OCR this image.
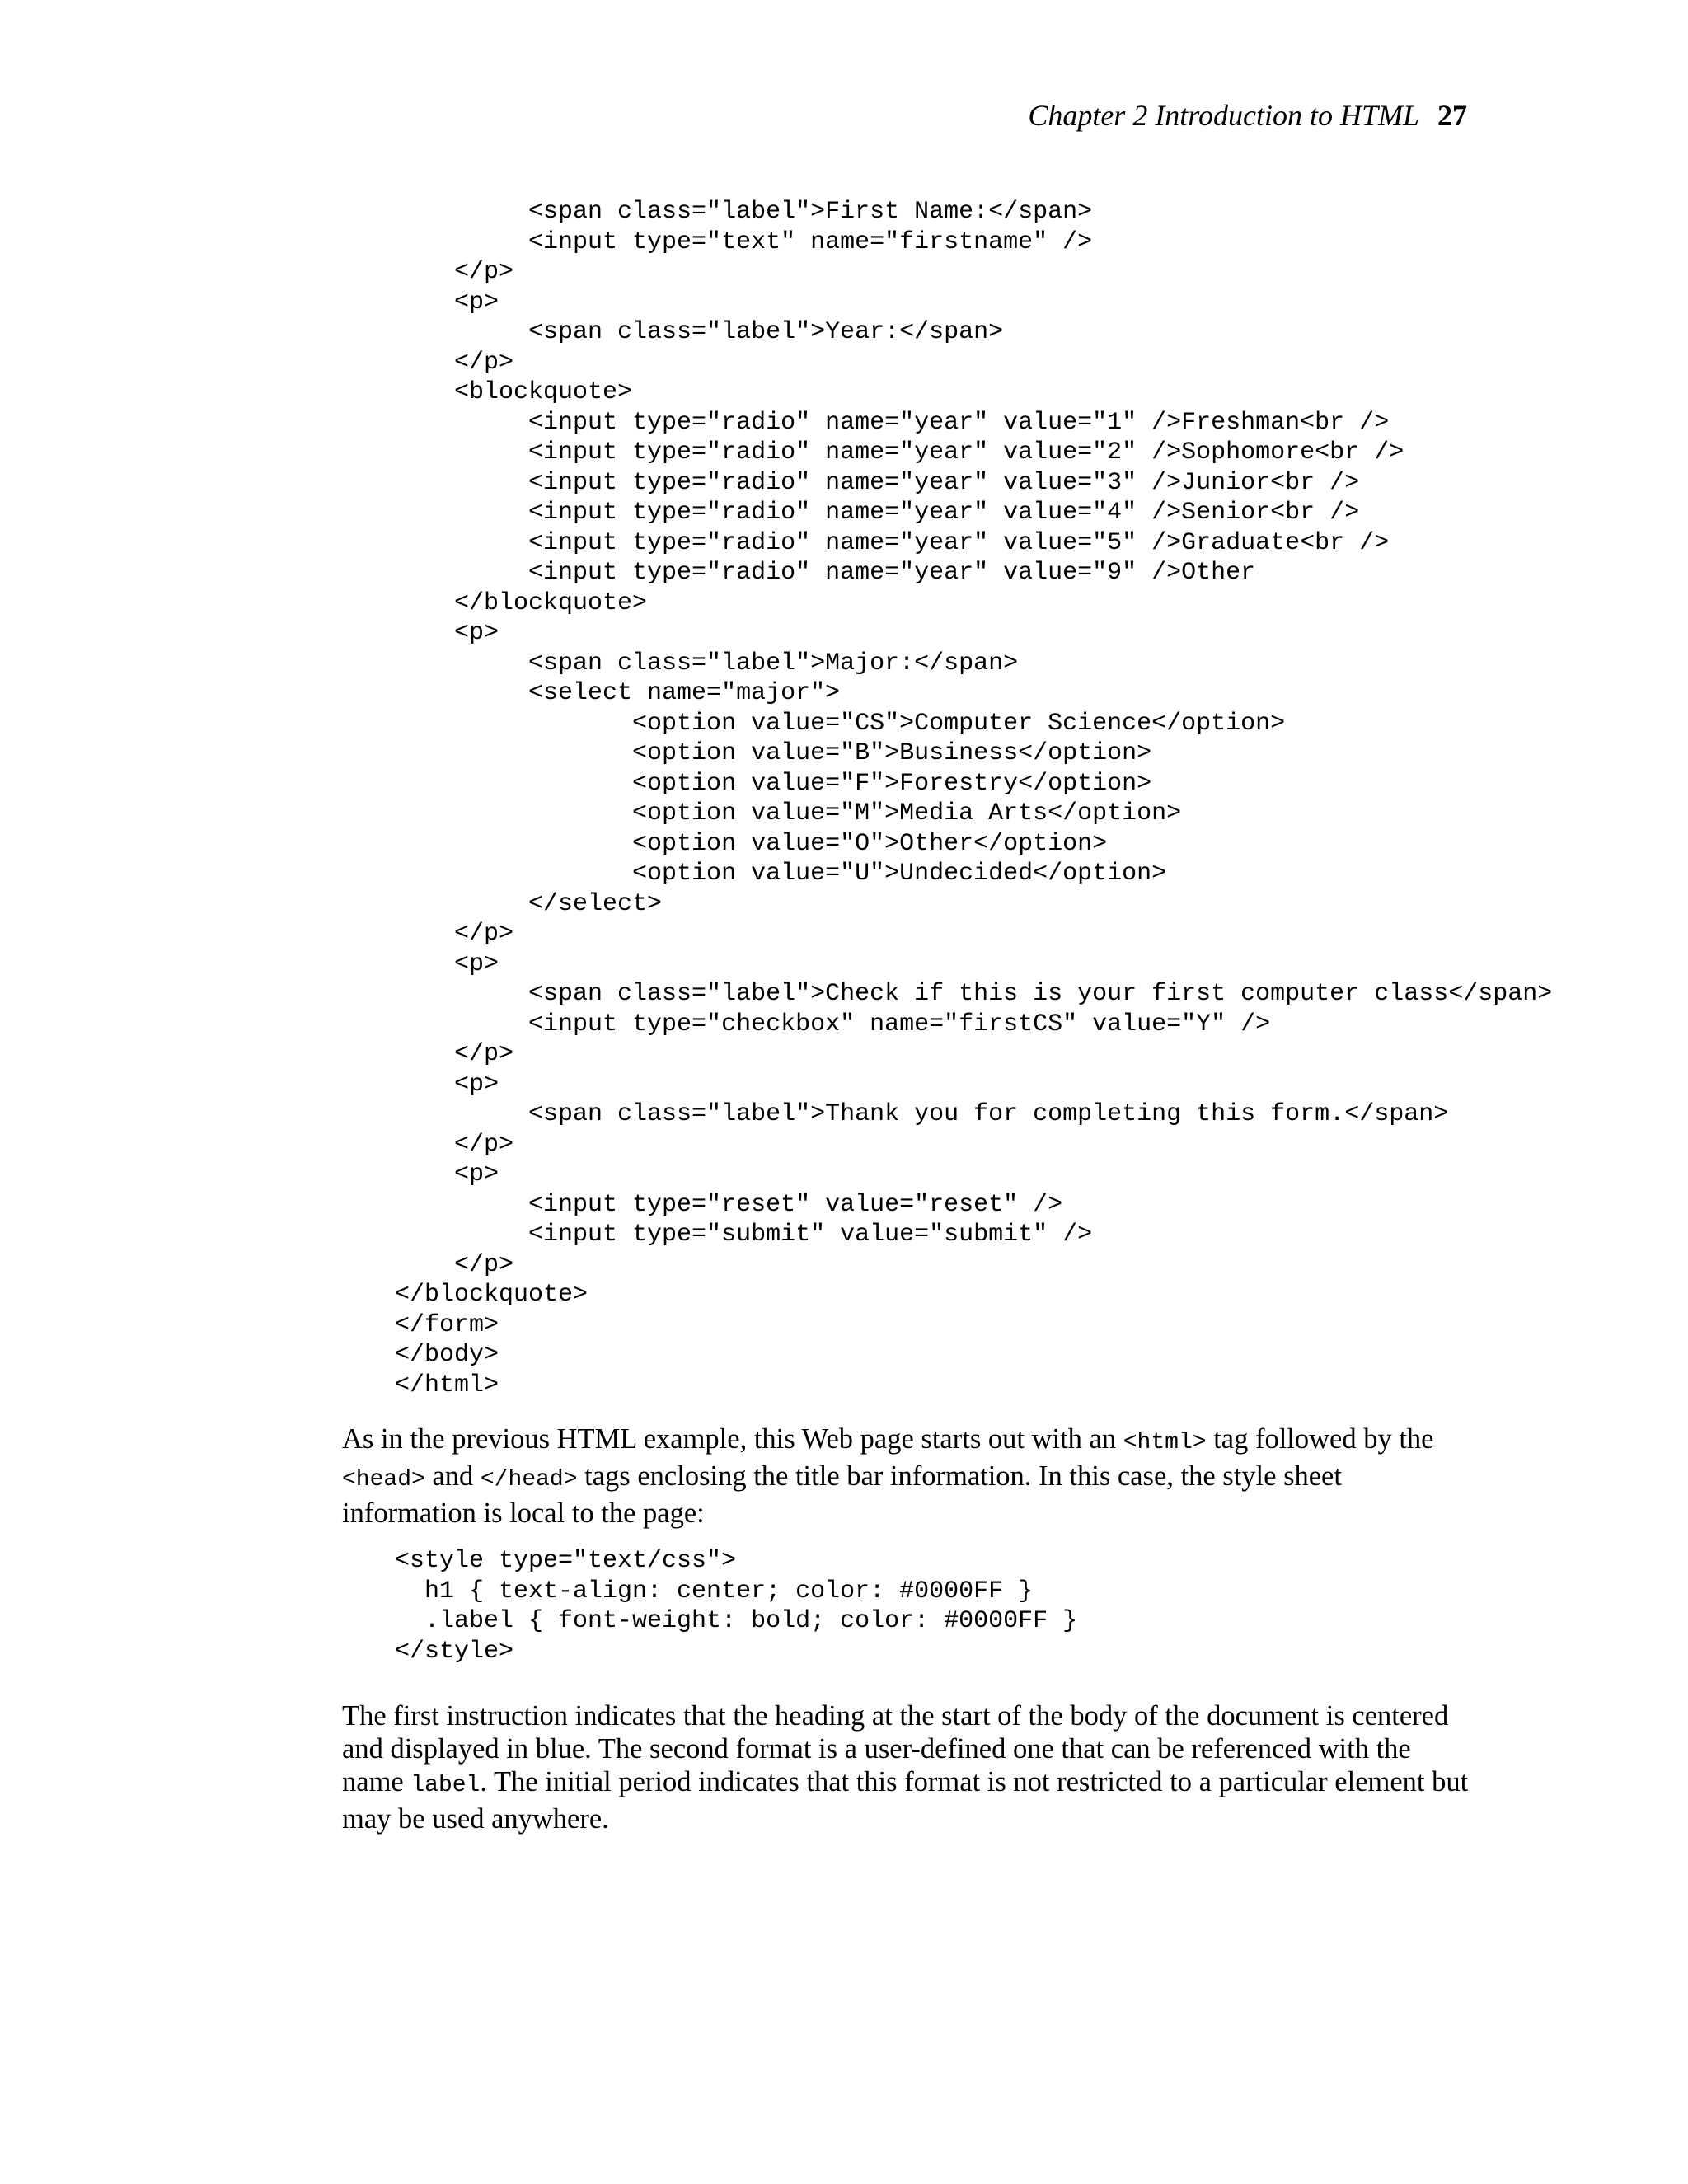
Chapter 2 Introduction to HTML 27
<span class="label">First Name:</span>
<input type="text" name="firstname" />
</p>
<p>
<span class="label">Year:</span>
</p>
<blockquote>
<input type="radio" name="year" value="1" />Freshman<br />
<input type="radio" name="year" value="2" />Sophomore<br />
<input type="radio" name="year" value="3" />Junior<br />
<input type="radio" name="year" value="4" />Senior<br />
<input type="radio" name="year" value="5" />Graduate<br />
<input type="radio" name="year" value="9" />Other
</blockquote>
<p>
<span class="label">Major:</span>
<select name="major">
<option value="CS">Computer Science</option>
<option value="B">Business</option>
<option value="F">Forestry</option>
<option value="M">Media Arts</option>
<option value="O">Other</option>
<option value="U">Undecided</option>
</select>
</p>
<p>
<span class="label">Check if this is your first computer class</span>
<input type="checkbox" name="firstCS" value="Y" />
</p>
<p>
<span class="label">Thank you for completing this form.</span>
</p>
<p>
<input type="reset" value="reset" />
<input type="submit" value="submit" />
</p>
</blockquote>
</form>
</body>
</html>

As in the previous HTML example, this Web page starts out with an <html> tag followed by the <head> and </head> tags enclosing the title bar information. In this case, the style sheet information is local to the page:

<style type="text/css">
h1 { text-align: center; color: #0000FF }
.label { font-weight: bold; color: #0000FF }
</style>

The first instruction indicates that the heading at the start of the body of the document is centered and displayed in blue. The second format is a user-defined one that can be referenced with the name label. The initial period indicates that this format is not restricted to a particular element but may be used anywhere.
